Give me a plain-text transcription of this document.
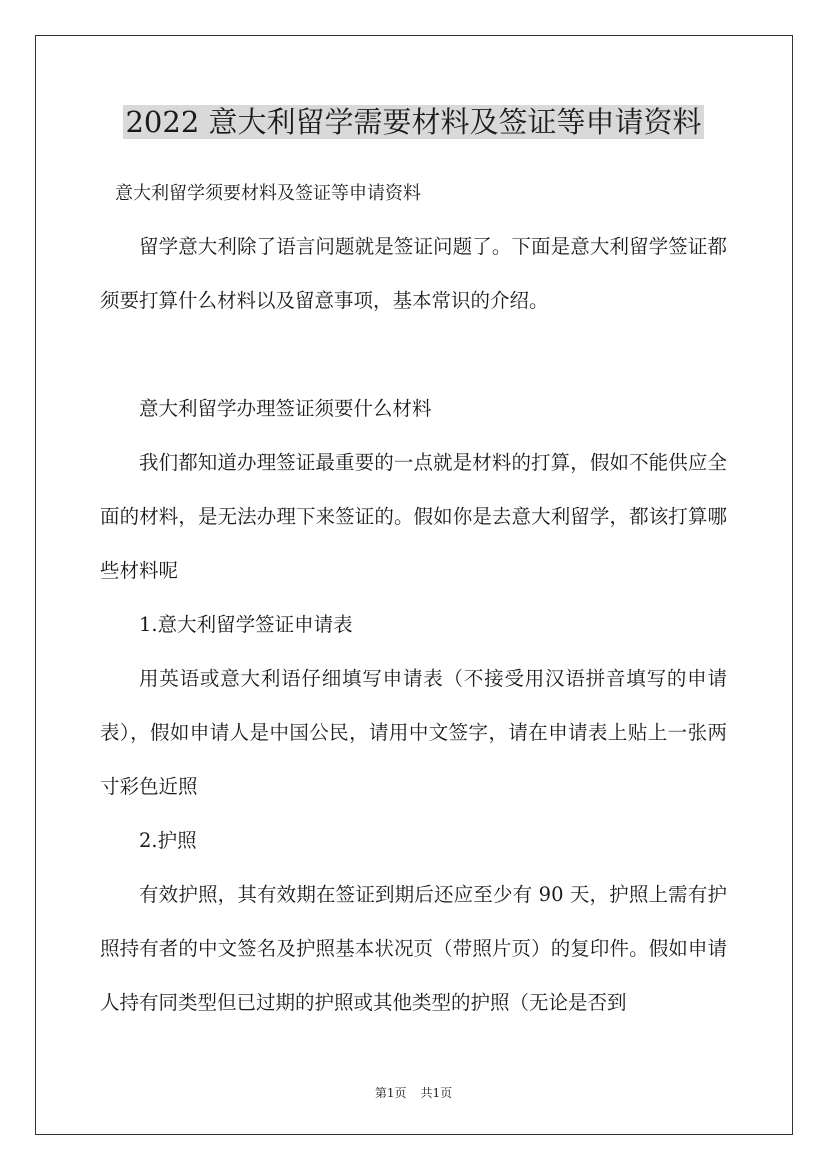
2022 意大利留学需要材料及签证等申请资料
意大利留学须要材料及签证等申请资料

留学意大利除了语言问题就是签证问题了。下面是意大利留学签证都须要打算什么材料以及留意事项，基本常识的介绍。

意大利留学办理签证须要什么材料

我们都知道办理签证最重要的一点就是材料的打算，假如不能供应全面的材料，是无法办理下来签证的。假如你是去意大利留学，都该打算哪些材料呢

1.意大利留学签证申请表

用英语或意大利语仔细填写申请表（不接受用汉语拼音填写的申请表），假如申请人是中国公民，请用中文签字，请在申请表上贴上一张两寸彩色近照

2.护照

有效护照，其有效期在签证到期后还应至少有 90 天，护照上需有护照持有者的中文签名及护照基本状况页（带照片页）的复印件。假如申请人持有同类型但已过期的护照或其他类型的护照（无论是否到

第1页 共1页
